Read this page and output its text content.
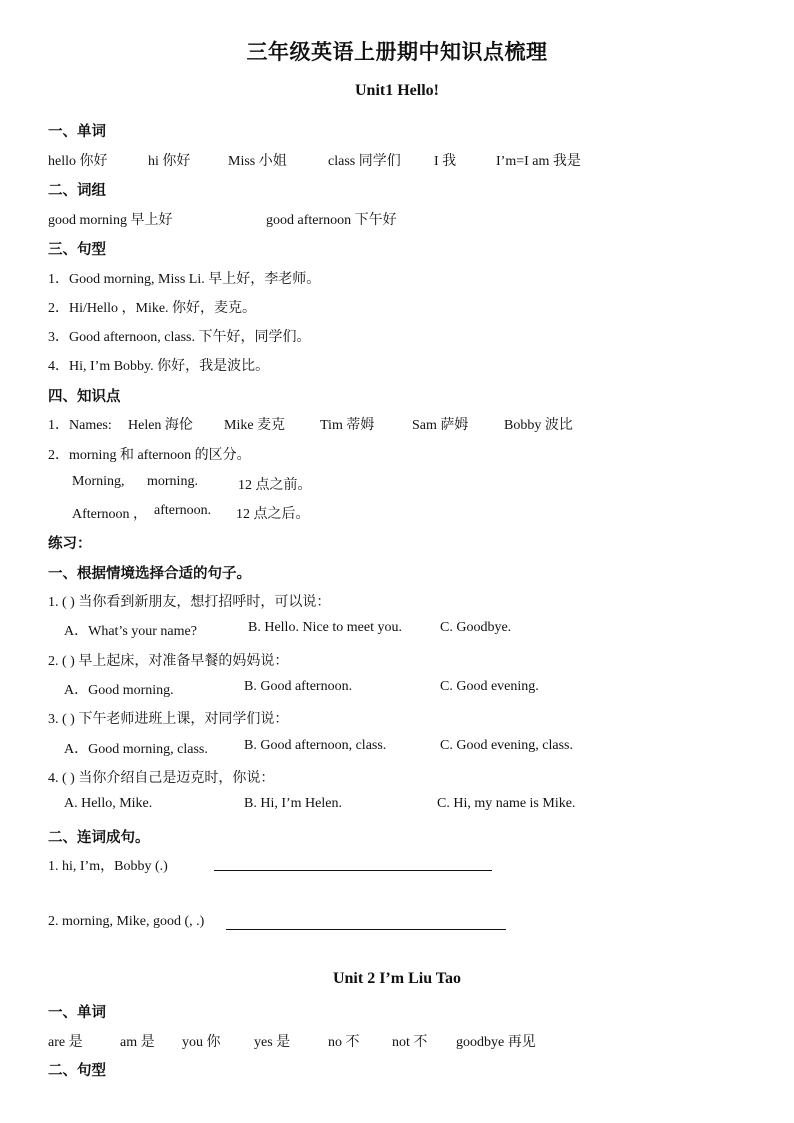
三年级英语上册期中知识点梳理
Unit1 Hello!
一、单词
hello 你好	hi 你好	Miss 小姐	class 同学们 I 我	I’m=I am 我是
二、词组
good morning 早上好	good afternoon 下午好
三、句型
1．Good morning, Miss Li. 早上好，李老师。
2．Hi/Hello ，Mike. 你好，麦克。
3．Good afternoon, class. 下午好，同学们。
4．Hi, I’m Bobby. 你好，我是波比。
四、知识点
1．Names: Helen 海伦 Mike 麦克 Tim 蒂姆	Sam 萨姆	Bobby 波比
2．morning 和 afternoon 的区分。
Morning, morning.	12 点之前。
Afternoon ， afternoon. 12 点之后。
练习：
一、根据情境选择合适的句子。
1. ( ) 当你看到新朋友，想打招呼时，可以说：
A．What’s your name?	B. Hello. Nice to meet you.	C. Goodbye.
2. ( ) 早上起床，对准备早餐的妈妈说：
A．Good morning.	B. Good afternoon.	C. Good evening.
3. ( ) 下午老师进班上课，对同学们说：
A．Good morning, class.	B. Good afternoon, class.	C. Good evening, class.
4. ( ) 当你介绍自己是迈克时，你说：
A. Hello, Mike.	B. Hi, I’m Helen.	C. Hi, my name is Mike.
二、连词成句。
1. hi, I’m，Bobby (.)
2. morning, Mike, good (, .)
Unit 2 I’m Liu Tao
一、单词
are 是	am 是 you 你 yes 是	no 不 not 不 goodbye 再见
二、句型
